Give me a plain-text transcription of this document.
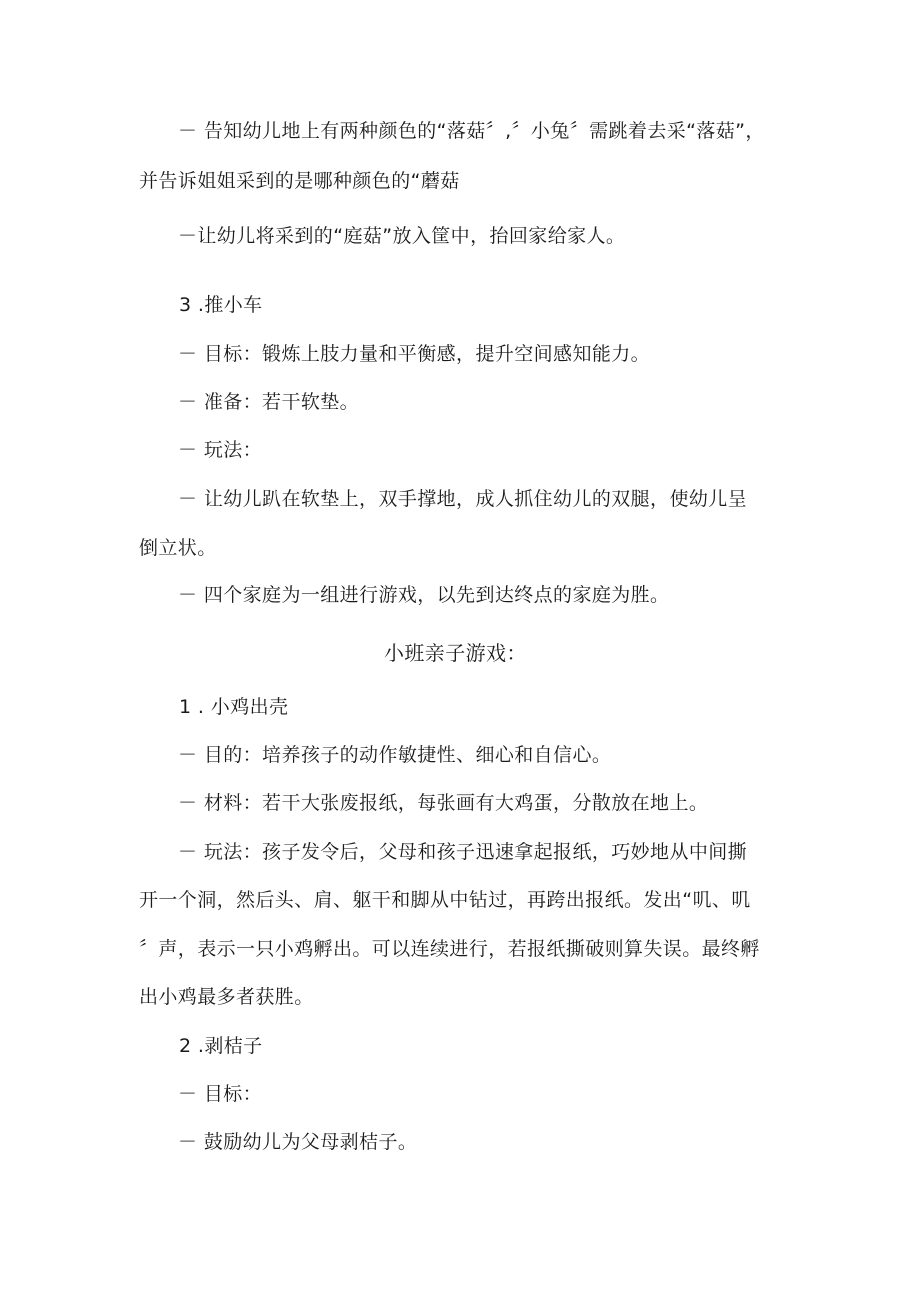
－ 告知幼儿地上有两种颜色的“落菇〞,〞小兔〞需跳着去采“落菇”，
并告诉姐姐采到的是哪种颜色的“蘑菇
－让幼儿将采到的“庭菇”放入筐中，抬回家给家人。
3 .推小车
－ 目标：锻炼上肢力量和平衡感，提升空间感知能力。
－ 准备：若干软垫。
－ 玩法：
－ 让幼儿趴在软垫上，双手撑地，成人抓住幼儿的双腿，使幼儿呈
倒立状。
－ 四个家庭为一组进行游戏，以先到达终点的家庭为胜。
小班亲子游戏：
1 . 小鸡出壳
－ 目的：培养孩子的动作敏捷性、细心和自信心。
－ 材料：若干大张废报纸，每张画有大鸡蛋，分散放在地上。
－ 玩法：孩子发令后，父母和孩子迅速拿起报纸，巧妙地从中间撕
开一个洞，然后头、肩、躯干和脚从中钻过，再跨出报纸。发出“叽、叽
〞声，表示一只小鸡孵出。可以连续进行，若报纸撕破则算失误。最终孵
出小鸡最多者获胜。
2 .剥桔子
－ 目标：
－ 鼓励幼儿为父母剥桔子。
